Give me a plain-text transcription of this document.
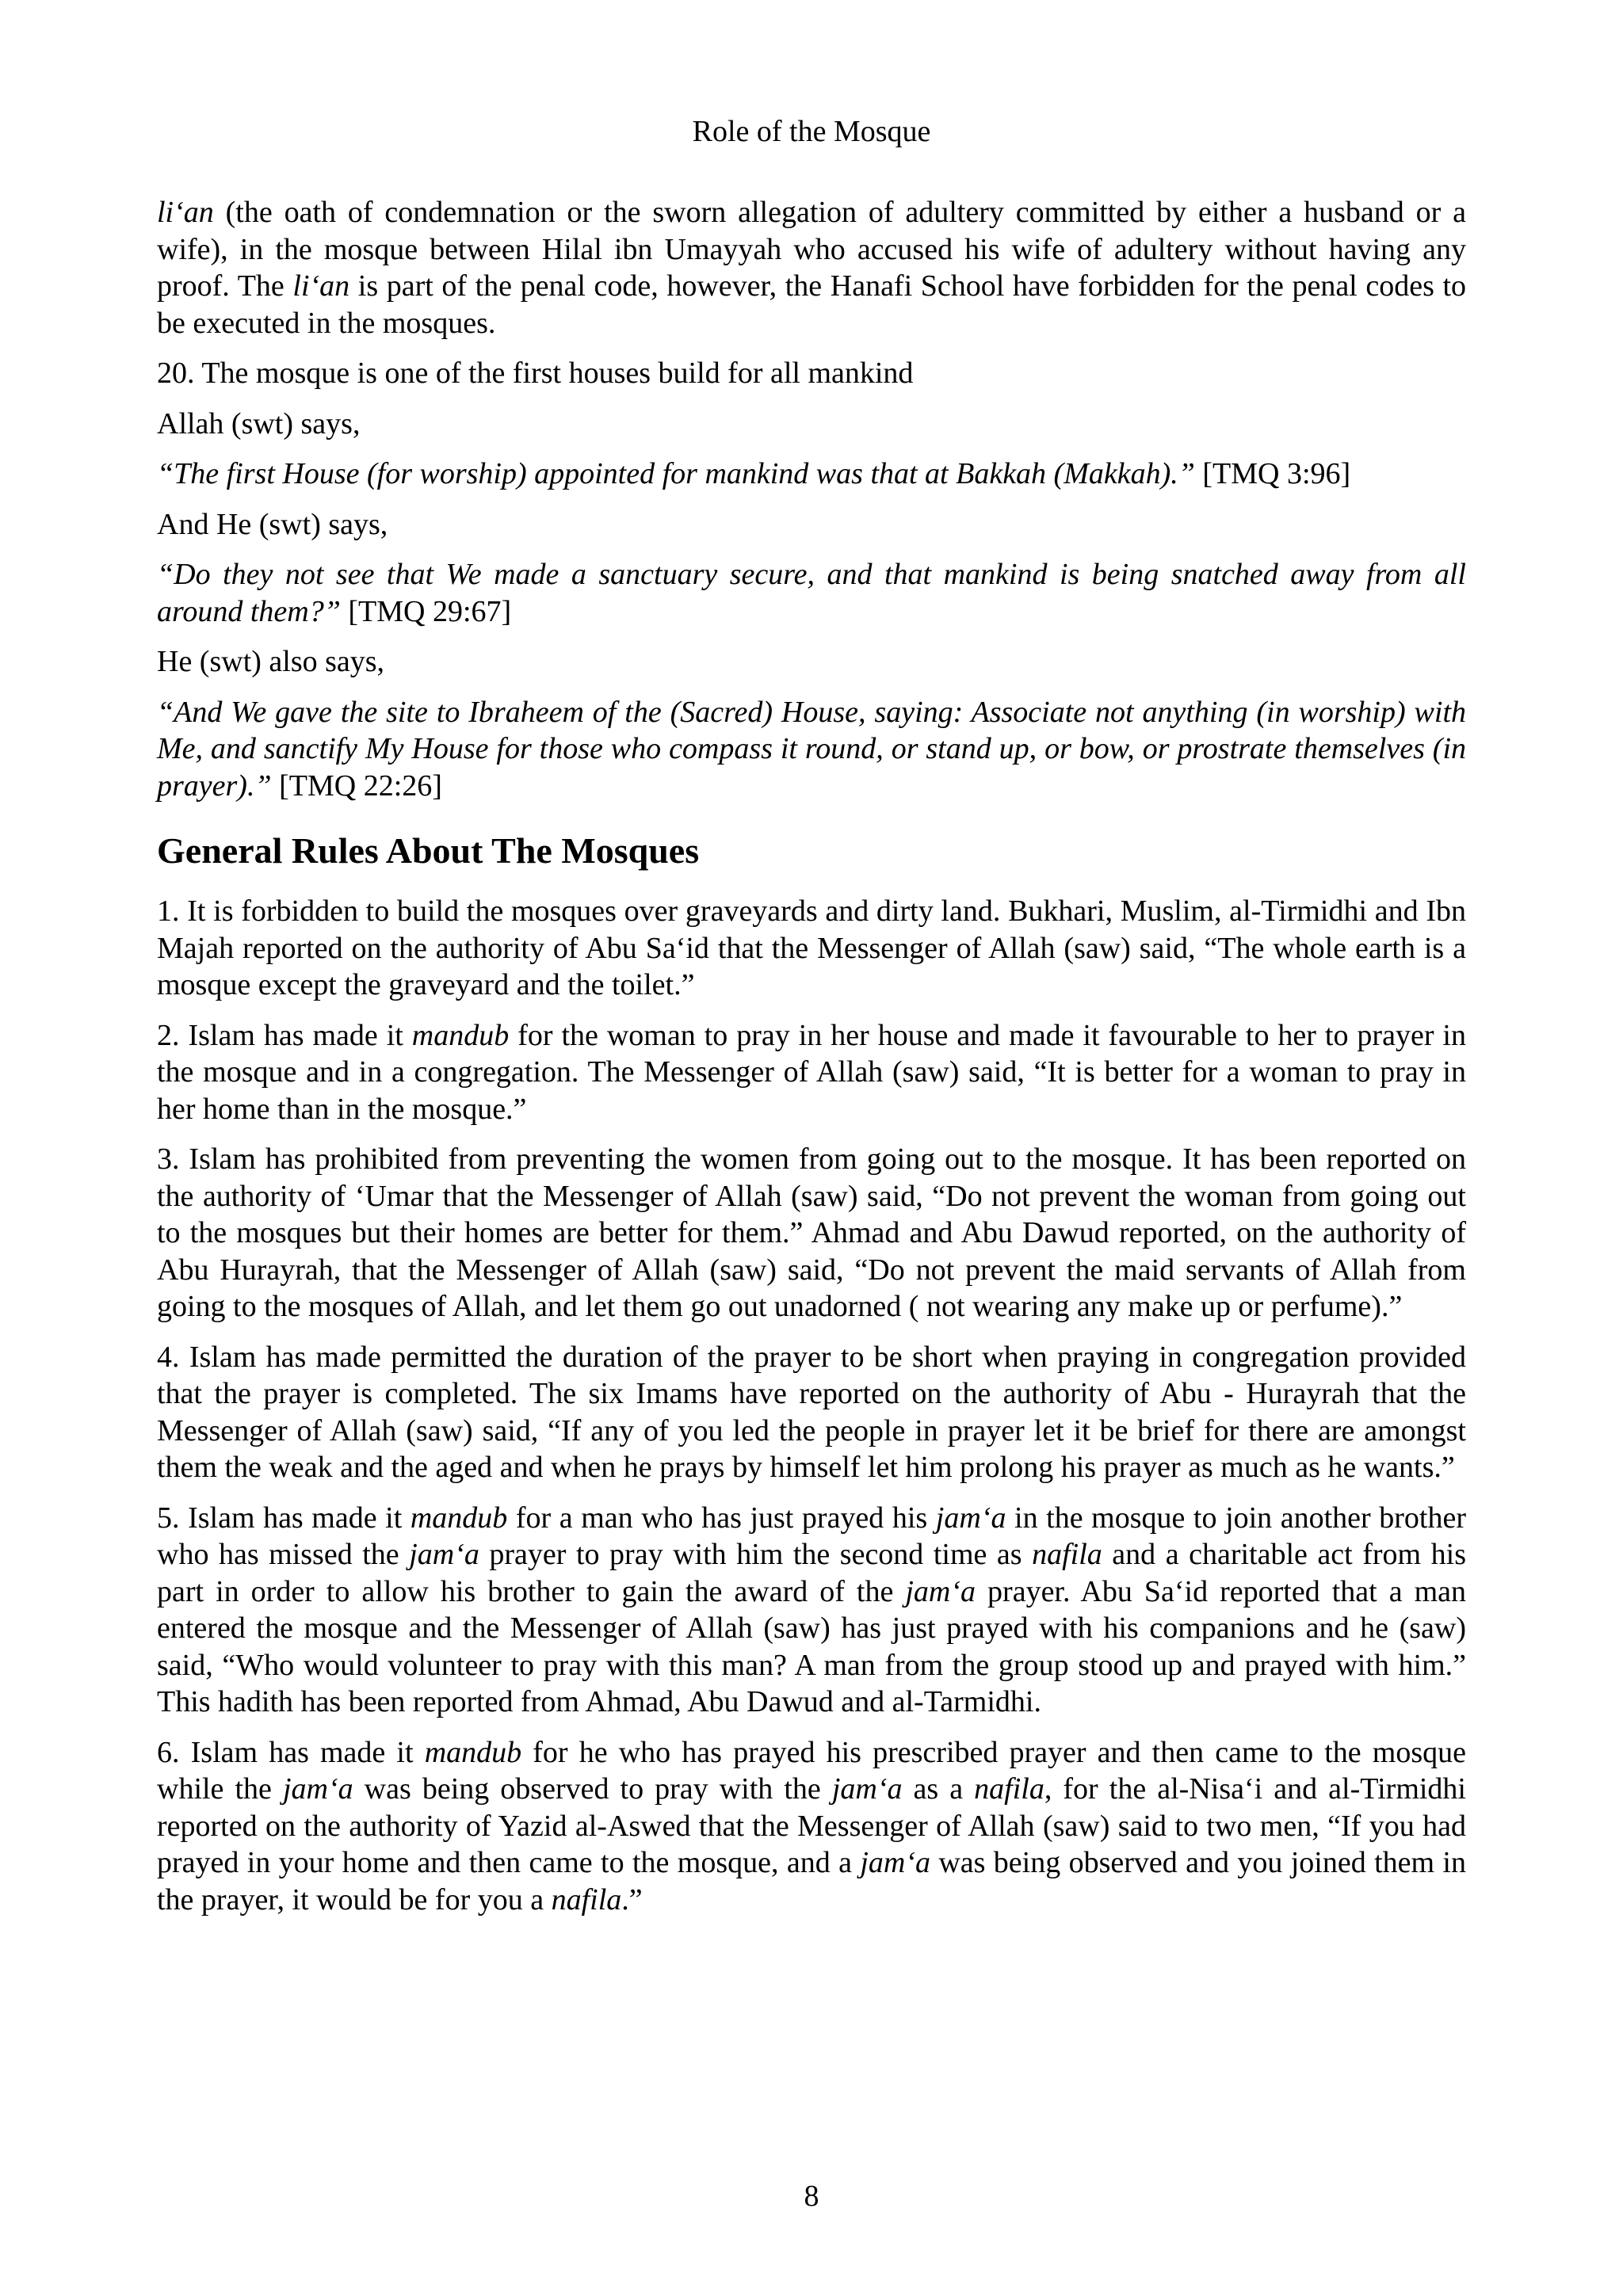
Role of the Mosque

li‘an (the oath of condemnation or the sworn allegation of adultery committed by either a husband or a wife), in the mosque between Hilal ibn Umayyah who accused his wife of adultery without having any proof. The li‘an is part of the penal code, however, the Hanafi School have forbidden for the penal codes to be executed in the mosques.

20. The mosque is one of the first houses build for all mankind

Allah (swt) says,

“The first House (for worship) appointed for mankind was that at Bakkah (Makkah).” [TMQ 3:96]

And He (swt) says,

“Do they not see that We made a sanctuary secure, and that mankind is being snatched away from all around them?” [TMQ 29:67]

He (swt) also says,

“And We gave the site to Ibraheem of the (Sacred) House, saying: Associate not anything (in worship) with Me, and sanctify My House for those who compass it round, or stand up, or bow, or prostrate themselves (in prayer).” [TMQ 22:26]

General Rules About The Mosques

1. It is forbidden to build the mosques over graveyards and dirty land. Bukhari, Muslim, al-Tirmidhi and Ibn Majah reported on the authority of Abu Sa‘id that the Messenger of Allah (saw) said, “The whole earth is a mosque except the graveyard and the toilet.”

2. Islam has made it mandub for the woman to pray in her house and made it favourable to her to prayer in the mosque and in a congregation. The Messenger of Allah (saw) said, “It is better for a woman to pray in her home than in the mosque.”

3. Islam has prohibited from preventing the women from going out to the mosque. It has been reported on the authority of ‘Umar that the Messenger of Allah (saw) said, “Do not prevent the woman from going out to the mosques but their homes are better for them.” Ahmad and Abu Dawud reported, on the authority of Abu Hurayrah, that the Messenger of Allah (saw) said, “Do not prevent the maid servants of Allah from going to the mosques of Allah, and let them go out unadorned ( not wearing any make up or perfume).”

4. Islam has made permitted the duration of the prayer to be short when praying in congregation provided that the prayer is completed. The six Imams have reported on the authority of Abu - Hurayrah that the Messenger of Allah (saw) said, “If any of you led the people in prayer let it be brief for there are amongst them the weak and the aged and when he prays by himself let him prolong his prayer as much as he wants.”

5. Islam has made it mandub for a man who has just prayed his jam‘a in the mosque to join another brother who has missed the jam‘a prayer to pray with him the second time as nafila and a charitable act from his part in order to allow his brother to gain the award of the jam‘a prayer. Abu Sa‘id reported that a man entered the mosque and the Messenger of Allah (saw) has just prayed with his companions and he (saw) said, “Who would volunteer to pray with this man? A man from the group stood up and prayed with him.” This hadith has been reported from Ahmad, Abu Dawud and al-Tarmidhi.

6. Islam has made it mandub for he who has prayed his prescribed prayer and then came to the mosque while the jam‘a was being observed to pray with the jam‘a as a nafila, for the al-Nisa‘i and al-Tirmidhi reported on the authority of Yazid al-Aswed that the Messenger of Allah (saw) said to two men, “If you had prayed in your home and then came to the mosque, and a jam‘a was being observed and you joined them in the prayer, it would be for you a nafila.”

8
